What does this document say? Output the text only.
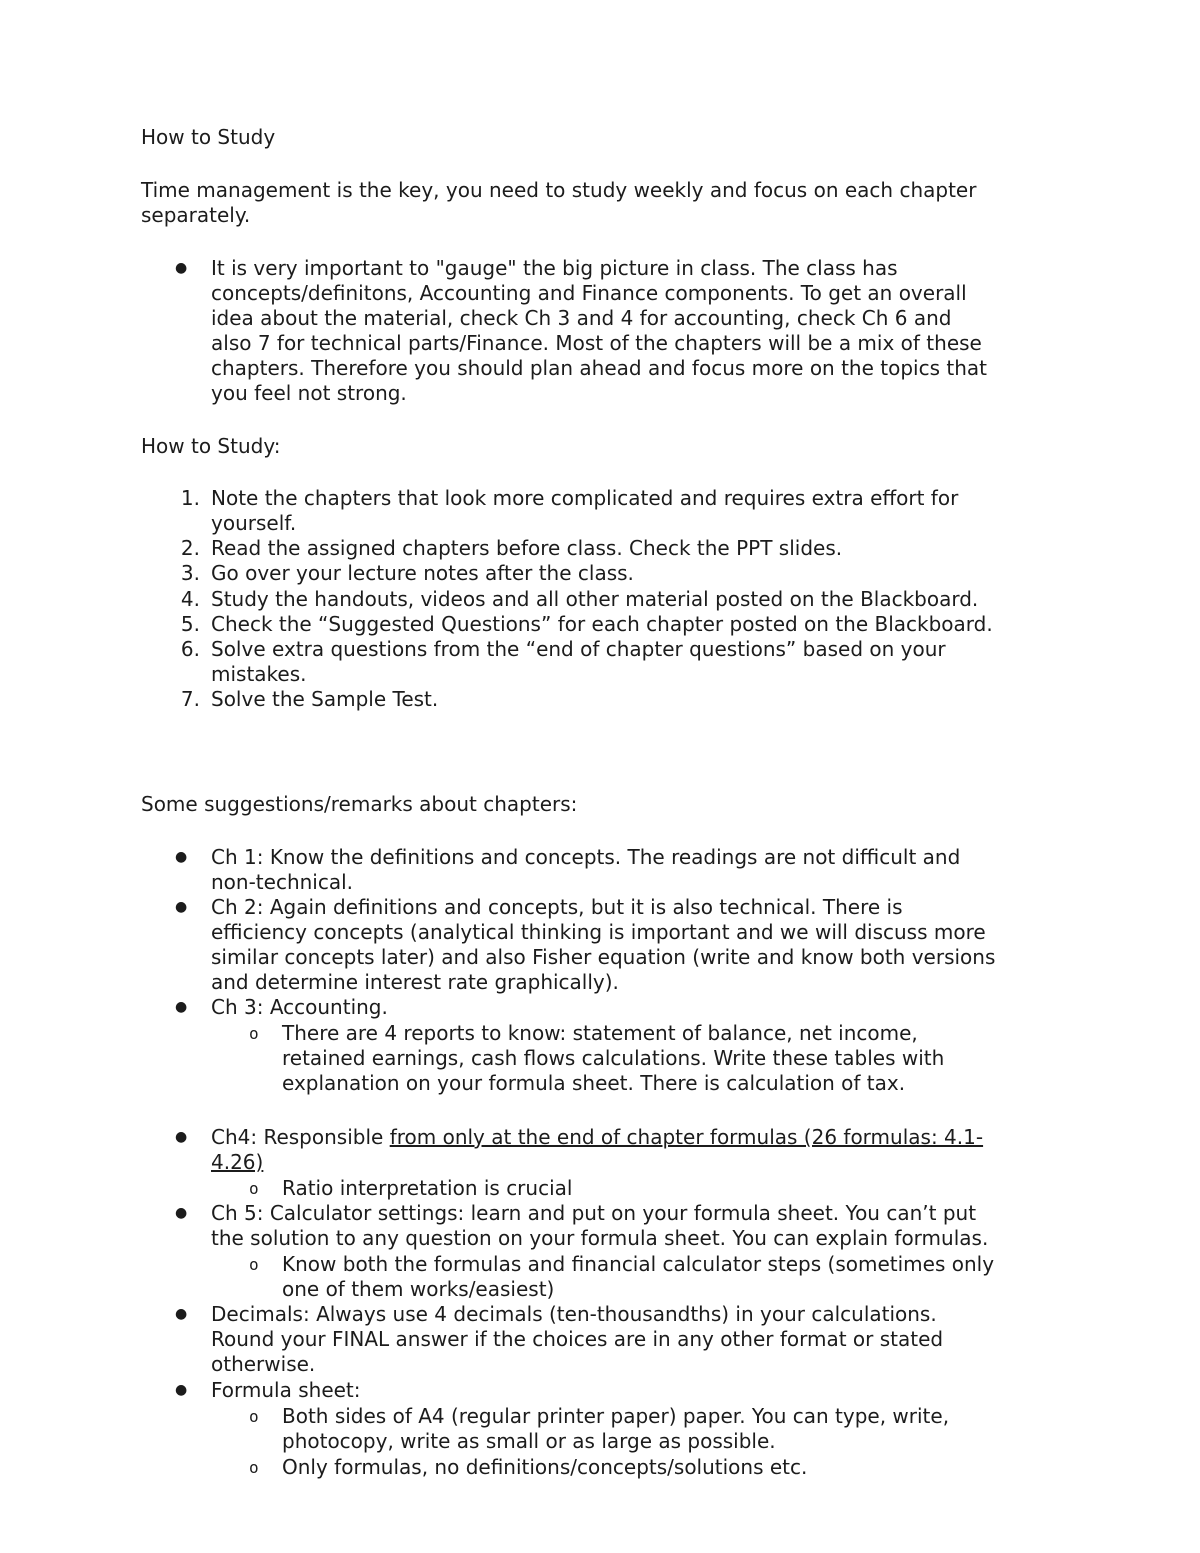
How to Study
Time management is the key, you need to study weekly and focus on each chapter
separately.
● It is very important to "gauge" the big picture in class. The class has
concepts/definitons, Accounting and Finance components. To get an overall
idea about the material, check Ch 3 and 4 for accounting, check Ch 6 and
also 7 for technical parts/Finance. Most of the chapters will be a mix of these
chapters. Therefore you should plan ahead and focus more on the topics that
you feel not strong.
How to Study:
1. Note the chapters that look more complicated and requires extra effort for
yourself.
2. Read the assigned chapters before class. Check the PPT slides.
3. Go over your lecture notes after the class.
4. Study the handouts, videos and all other material posted on the Blackboard.
5. Check the “Suggested Questions” for each chapter posted on the Blackboard.
6. Solve extra questions from the “end of chapter questions” based on your
mistakes.
7. Solve the Sample Test.
Some suggestions/remarks about chapters:
● Ch 1: Know the definitions and concepts. The readings are not difficult and
non-technical.
● Ch 2: Again definitions and concepts, but it is also technical. There is
efficiency concepts (analytical thinking is important and we will discuss more
similar concepts later) and also Fisher equation (write and know both versions
and determine interest rate graphically).
● Ch 3: Accounting.
o There are 4 reports to know: statement of balance, net income,
retained earnings, cash flows calculations. Write these tables with
explanation on your formula sheet. There is calculation of tax.
● Ch4: Responsible from only at the end of chapter formulas (26 formulas: 4.1-
4.26)
o Ratio interpretation is crucial
● Ch 5: Calculator settings: learn and put on your formula sheet. You can’t put
the solution to any question on your formula sheet. You can explain formulas.
o Know both the formulas and financial calculator steps (sometimes only
one of them works/easiest)
● Decimals: Always use 4 decimals (ten-thousandths) in your calculations.
Round your FINAL answer if the choices are in any other format or stated
otherwise.
● Formula sheet:
o Both sides of A4 (regular printer paper) paper. You can type, write,
photocopy, write as small or as large as possible.
o Only formulas, no definitions/concepts/solutions etc.
